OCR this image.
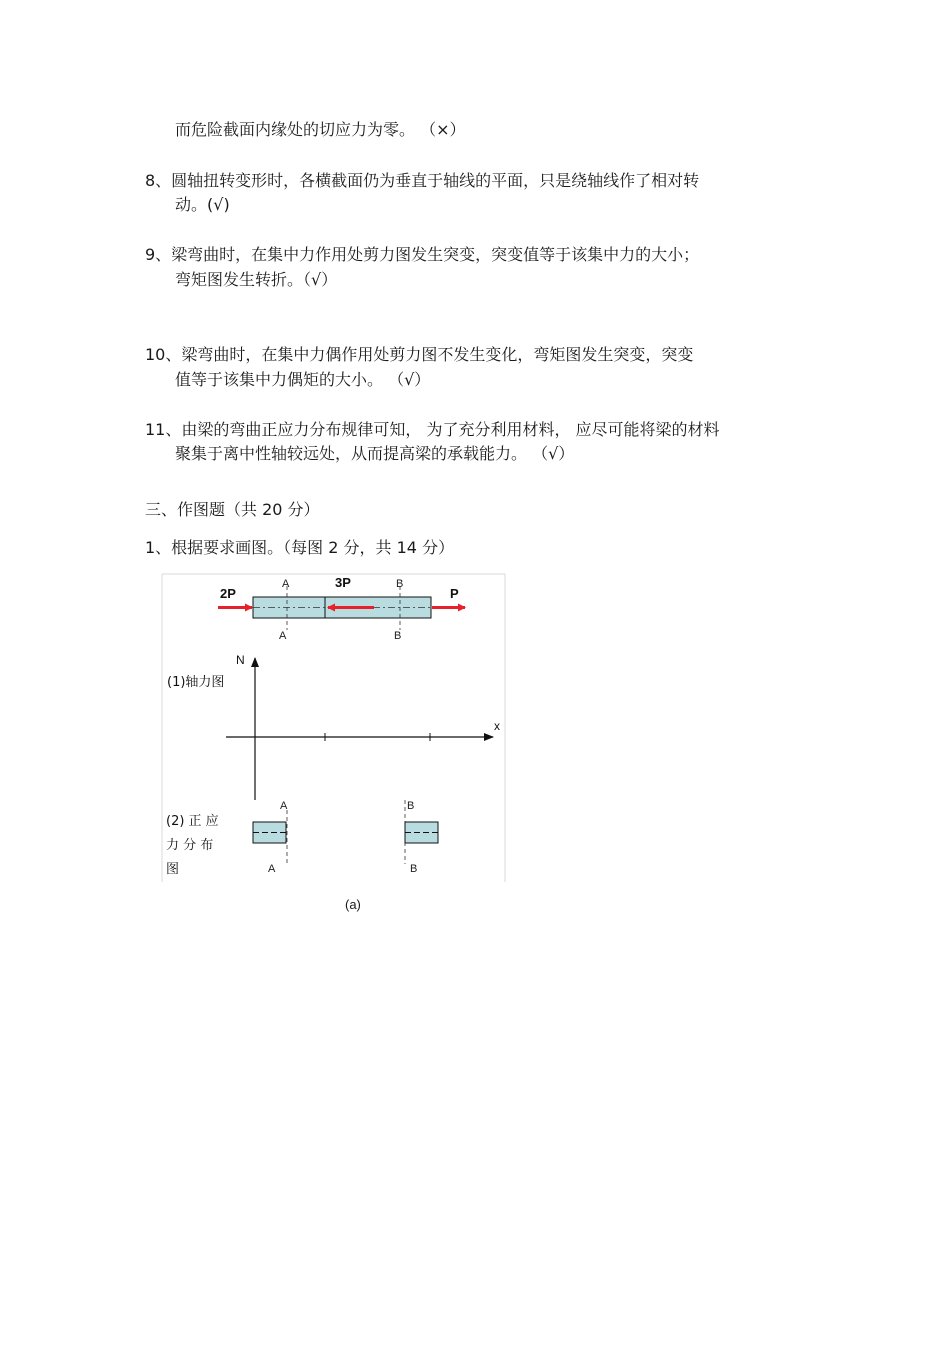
而危险截面内缘处的切应力为零。 （×）
8、圆轴扭转变形时，各横截面仍为垂直于轴线的平面，只是绕轴线作了相对转
动。(√)
9、梁弯曲时，在集中力作用处剪力图发生突变，突变值等于该集中力的大小；
弯矩图发生转折。（√）
10、梁弯曲时，在集中力偶作用处剪力图不发生变化，弯矩图发生突变，突变
值等于该集中力偶矩的大小。 （√）
11、由梁的弯曲正应力分布规律可知， 为了充分利用材料， 应尽可能将梁的材料
聚集于离中性轴较远处，从而提高梁的承载能力。 （√）
三、作图题（共 20 分）
1、根据要求画图。（每图 2 分，共 14 分）
2P
3P
P
A
A
B
B
N
x
(1)轴力图
(2) 正 应
力 分 布
图
A
A
B
B
(a)
